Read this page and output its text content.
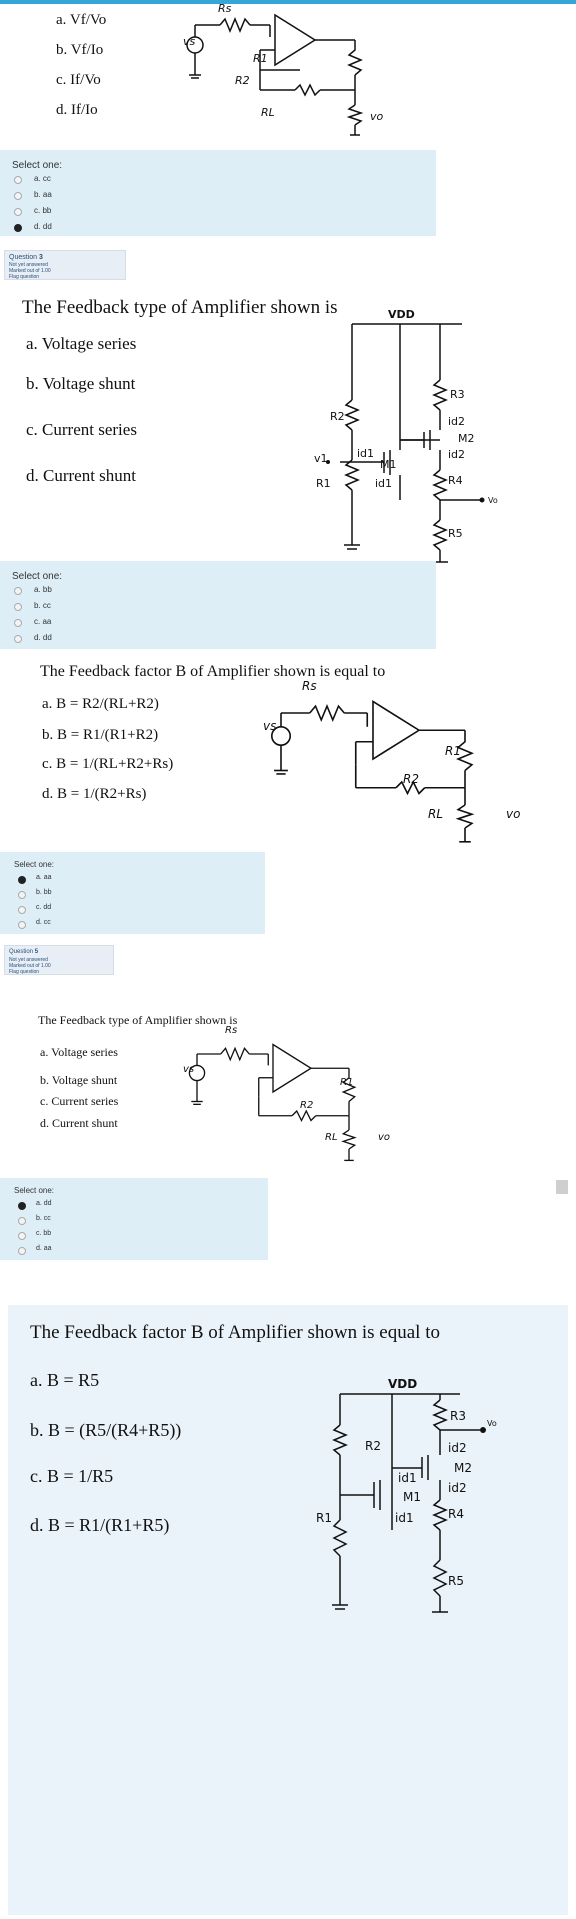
a. Vf/Vo
b. Vf/Io
c. If/Vo
d. If/Io
Rs
vs
R1
R2
RL	vo
Select one:
a. cc
b. aa
c. bb
d. dd
Question 3
Not yet answered
Marked out of 1.00
Flag question
The Feedback type of Amplifier shown is
a. Voltage series
b. Voltage shunt
c. Current series
d. Current shunt
VDD
R3
R2	id2
M2
id2
id1
M1
v1
R4
R1	id1
Vo
R5
Select one:
a. bb
b. cc
c. aa
d. dd
The Feedback factor B of Amplifier shown is equal to
a. B = R2/(RL+R2)
b. B = R1/(R1+R2)
c. B = 1/(RL+R2+Rs)
d. B = 1/(R2+Rs)
Rs
vs
R1
R2
RL	vo
Select one:
a. aa
b. bb
c. dd
d. cc
Question 5
Not yet answered
Marked out of 1.00
Flag question
The Feedback type of Amplifier shown is
a. Voltage series
b. Voltage shunt
c. Current series
d. Current shunt
Rs
vs
R1
R2
RL	vo
Select one:
a. dd
b. cc
c. bb
d. aa
The Feedback factor B of Amplifier shown is equal to
a. B = R5
b. B = (R5/(R4+R5))
c. B = 1/R5
d. B = R1/(R1+R5)
VDD
R3
Vo
R2	id2
M2
id1
id2
M1
R4
R1	id1
R5
